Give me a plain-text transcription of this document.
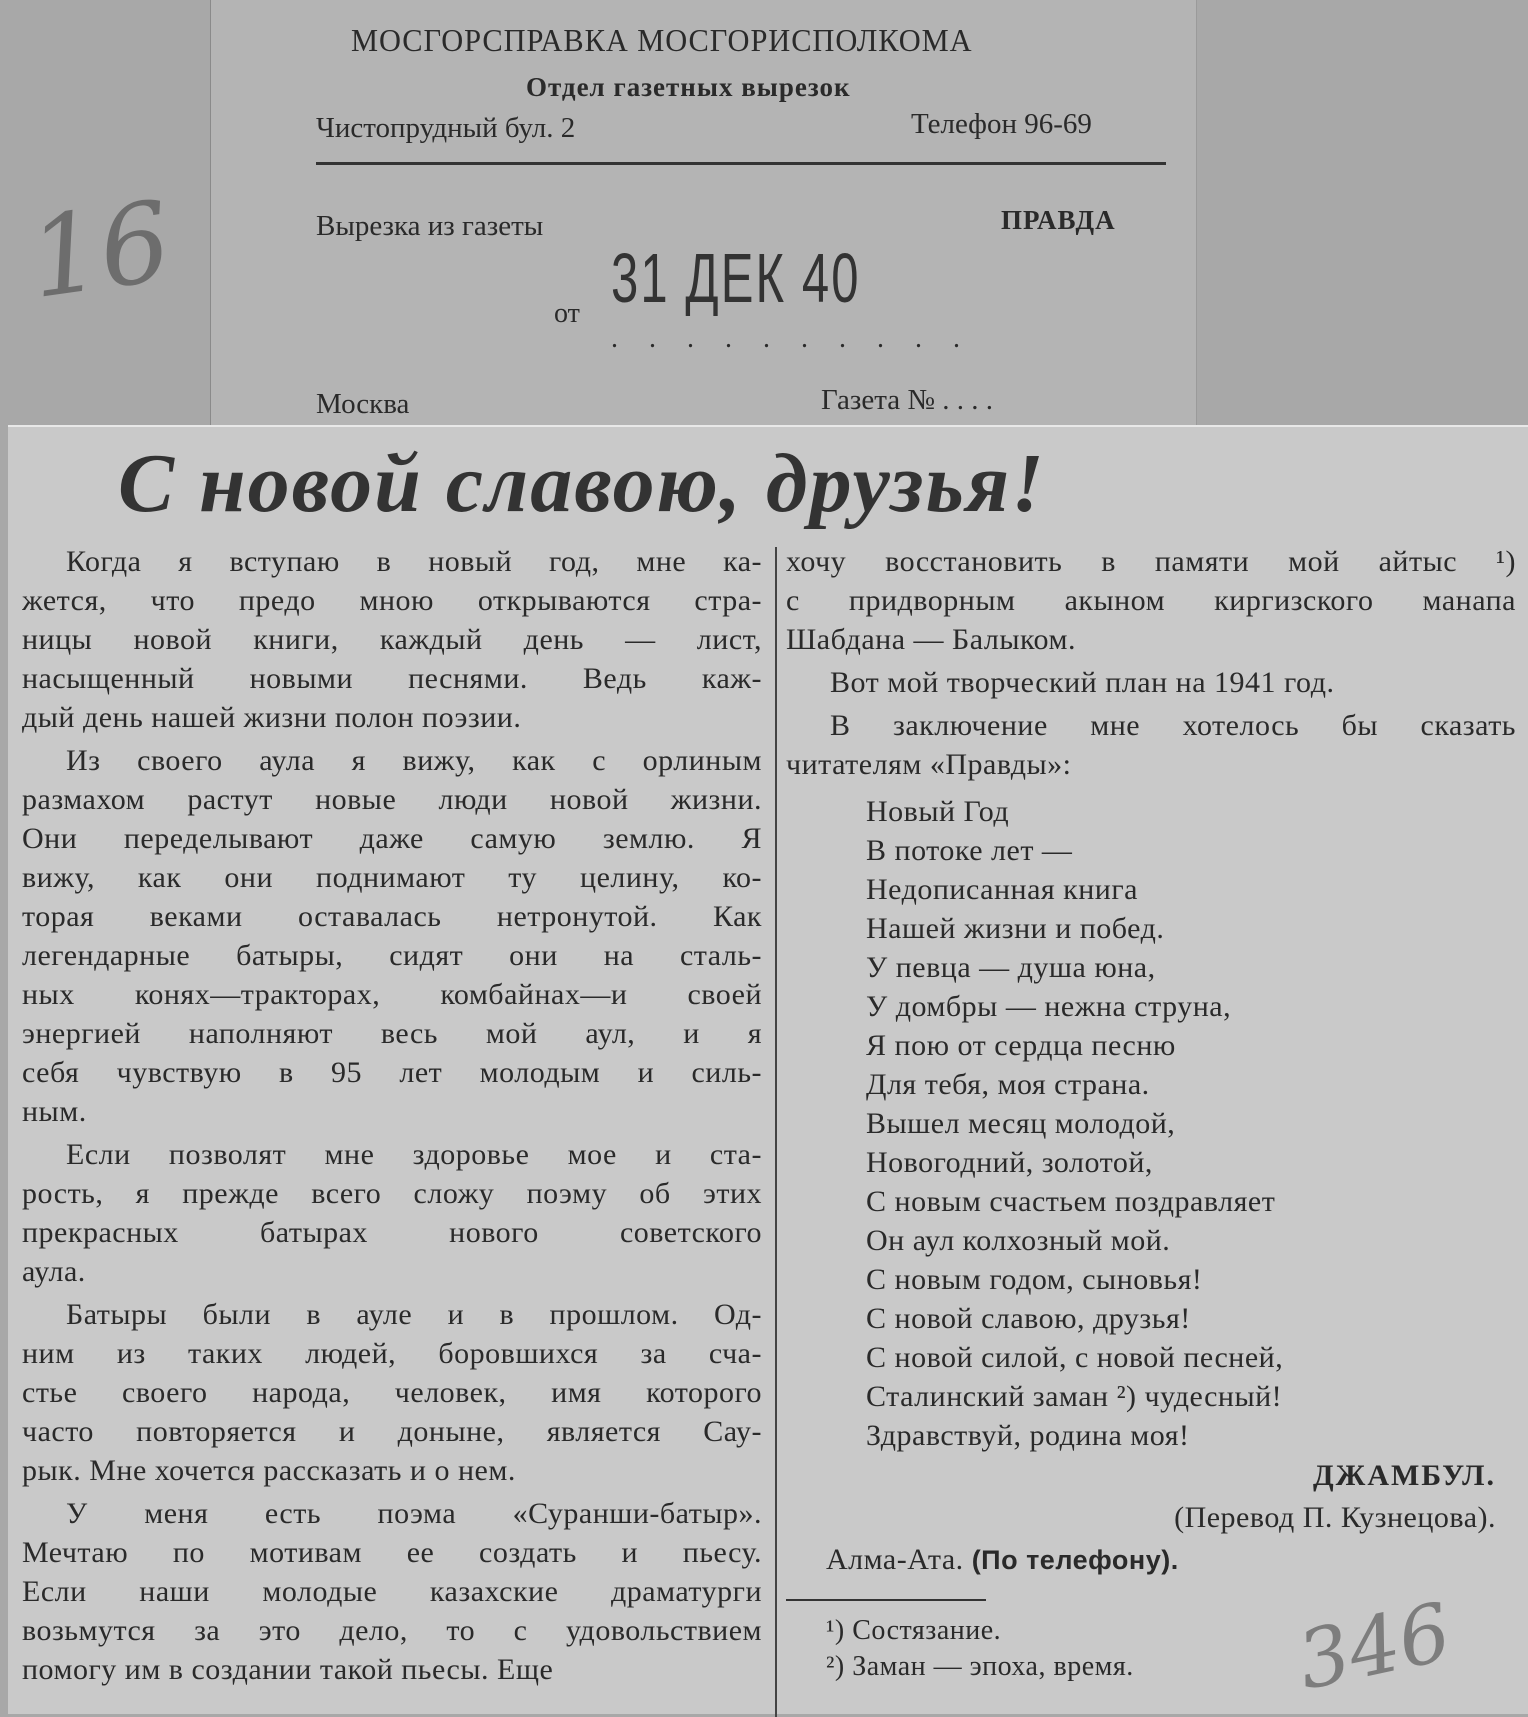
16
МОСГОРСПРАВКА МОСГОРИСПОЛКОМА
Отдел газетных вырезок
Чистопрудный бул. 2	Телефон 96-69
Вырезка из газеты	ПРАВДА
от 31 ДЕК 40
. . . . . . . . . .
Москва	Газета № . . . .
С новой славою, друзья!
Когда я вступаю в новый год, мне ка-
жется, что предо мною открываются стра-
ницы новой книги, каждый день — лист,
насыщенный новыми песнями. Ведь каж-
дый день нашей жизни полон поэзии.
Из своего аула я вижу, как с орлиным
размахом растут новые люди новой жизни.
Они переделывают даже самую землю. Я
вижу, как они поднимают ту целину, ко-
торая веками оставалась нетронутой. Как
легендарные батыры, сидят они на сталь-
ных конях—тракторах, комбайнах—и своей
энергией наполняют весь мой аул, и я
себя чувствую в 95 лет молодым и силь-
ным.
Если позволят мне здоровье мое и ста-
рость, я прежде всего сложу поэму об этих
прекрасных батырах нового советского
аула.
Батыры были в ауле и в прошлом. Од-
ним из таких людей, боровшихся за сча-
стье своего народа, человек, имя которого
часто повторяется и доныне, является Сау-
рык. Мне хочется рассказать и о нем.
У меня есть поэма «Суранши-батыр».
Мечтаю по мотивам ее создать и пьесу.
Если наши молодые казахские драматурги
возьмутся за это дело, то с удовольствием
помогу им в создании такой пьесы. Еще
хочу восстановить в памяти мой айтыс ¹)
с придворным акыном киргизского манапа
Шабдана — Балыком.
Вот мой творческий план на 1941 год.
В заключение мне хотелось бы сказать
читателям «Правды»:
Новый Год
В потоке лет —
Недописанная книга
Нашей жизни и побед.
У певца — душа юна,
У домбры — нежна струна,
Я пою от сердца песню
Для тебя, моя страна.
Вышел месяц молодой,
Новогодний, золотой,
С новым счастьем поздравляет
Он аул колхозный мой.
С новым годом, сыновья!
С новой славою, друзья!
С новой силой, с новой песней,
Сталинский заман ²) чудесный!
Здравствуй, родина моя!
ДЖАМБУЛ.
(Перевод П. Кузнецова).
Алма-Ата. (По телефону).
¹) Состязание.
²) Заман — эпоха, время.	346
